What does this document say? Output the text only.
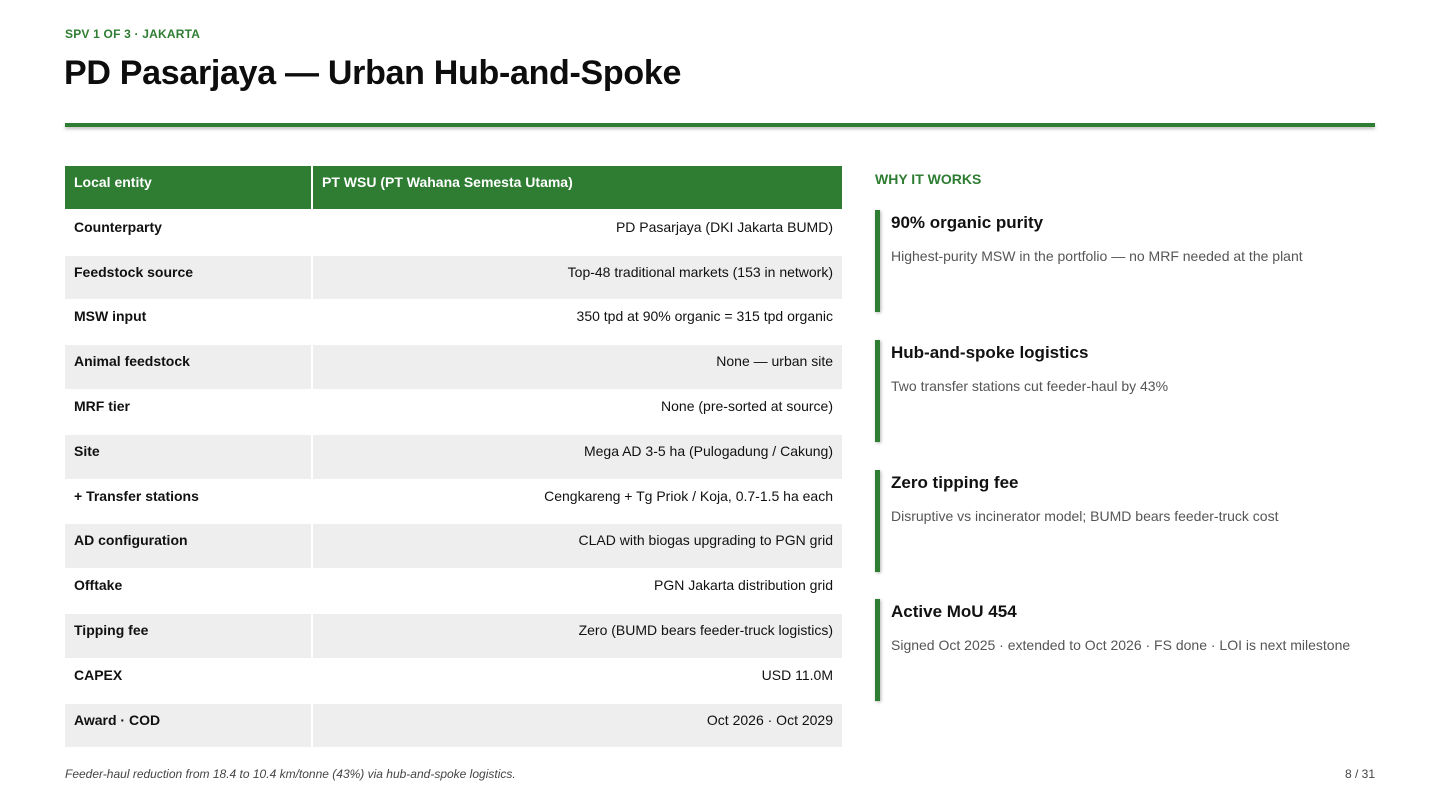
SPV 1 OF 3 · JAKARTA
PD Pasarjaya — Urban Hub-and-Spoke
Local entity	PT WSU (PT Wahana Semesta Utama)
Counterparty	PD Pasarjaya (DKI Jakarta BUMD)
Feedstock source	Top-48 traditional markets (153 in network)
MSW input	350 tpd at 90% organic = 315 tpd organic
Animal feedstock	None — urban site
MRF tier	None (pre-sorted at source)
Site	Mega AD 3-5 ha (Pulogadung / Cakung)
+ Transfer stations	Cengkareng + Tg Priok / Koja, 0.7-1.5 ha each
AD configuration	CLAD with biogas upgrading to PGN grid
Offtake	PGN Jakarta distribution grid
Tipping fee	Zero (BUMD bears feeder-truck logistics)
CAPEX	USD 11.0M
Award · COD	Oct 2026 · Oct 2029
WHY IT WORKS
90% organic purity
Highest-purity MSW in the portfolio — no MRF needed at the plant
Hub-and-spoke logistics
Two transfer stations cut feeder-haul by 43%
Zero tipping fee
Disruptive vs incinerator model; BUMD bears feeder-truck cost
Active MoU 454
Signed Oct 2025 · extended to Oct 2026 · FS done · LOI is next milestone
Feeder-haul reduction from 18.4 to 10.4 km/tonne (43%) via hub-and-spoke logistics.	8 / 31
